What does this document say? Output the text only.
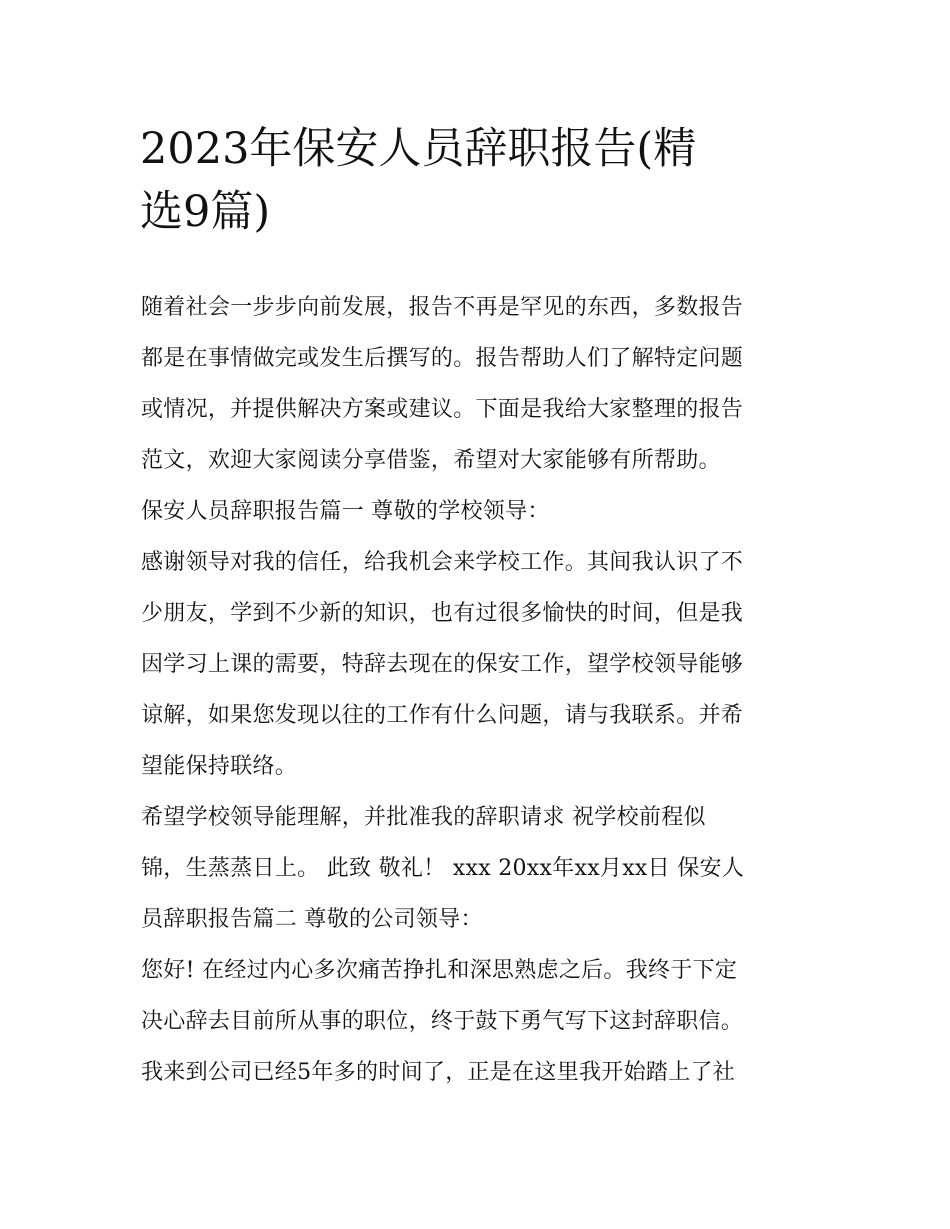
2023年保安人员辞职报告(精
选9篇)

随着社会一步步向前发展，报告不再是罕见的东西，多数报告
都是在事情做完或发生后撰写的。报告帮助人们了解特定问题
或情况，并提供解决方案或建议。下面是我给大家整理的报告
范文，欢迎大家阅读分享借鉴，希望对大家能够有所帮助。

保安人员辞职报告篇一 尊敬的学校领导：

感谢领导对我的信任，给我机会来学校工作。其间我认识了不
少朋友，学到不少新的知识，也有过很多愉快的时间，但是我
因学习上课的需要，特辞去现在的保安工作，望学校领导能够
谅解，如果您发现以往的工作有什么问题，请与我联系。并希
望能保持联络。

希望学校领导能理解，并批准我的辞职请求 祝学校前程似
锦，生蒸蒸日上。 此致 敬礼！ xxx 20xx年xx月xx日 保安人
员辞职报告篇二 尊敬的公司领导：

您好! 在经过内心多次痛苦挣扎和深思熟虑之后。我终于下定
决心辞去目前所从事的职位，终于鼓下勇气写下这封辞职信。
我来到公司已经5年多的时间了，正是在这里我开始踏上了社
